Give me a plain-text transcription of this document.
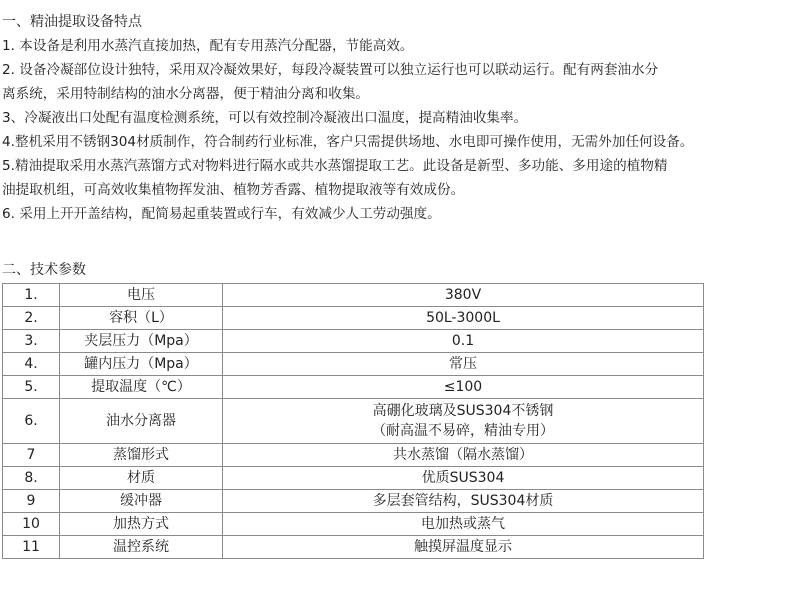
一、精油提取设备特点
1. 本设备是利用水蒸汽直接加热，配有专用蒸汽分配器，节能高效。
2. 设备冷凝部位设计独特，采用双冷凝效果好，每段冷凝装置可以独立运行也可以联动运行。配有两套油水分
离系统，采用特制结构的油水分离器，便于精油分离和收集。
3、冷凝液出口处配有温度检测系统，可以有效控制冷凝液出口温度，提高精油收集率。
4.整机采用不锈钢304材质制作，符合制药行业标准，客户只需提供场地、水电即可操作使用，无需外加任何设备。
5.精油提取采用水蒸汽蒸馏方式对物料进行隔水或共水蒸馏提取工艺。此设备是新型、多功能、多用途的植物精
油提取机组，可高效收集植物挥发油、植物芳香露、植物提取液等有效成份。
6. 采用上开开盖结构，配简易起重装置或行车，有效减少人工劳动强度。
二、技术参数
1.	电压	380V
2.	容积（L）	50L-3000L
3.	夹层压力（Mpa）	0.1
4.	罐内压力（Mpa）	常压
5.	提取温度（℃）	≤100
6.	油水分离器	高硼化玻璃及SUS304不锈钢
（耐高温不易碎，精油专用）

7	蒸馏形式	共水蒸馏（隔水蒸馏）
8.	材质	优质SUS304
9	缓冲器	多层套管结构，SUS304材质
10	加热方式	电加热或蒸气
11	温控系统	触摸屏温度显示
